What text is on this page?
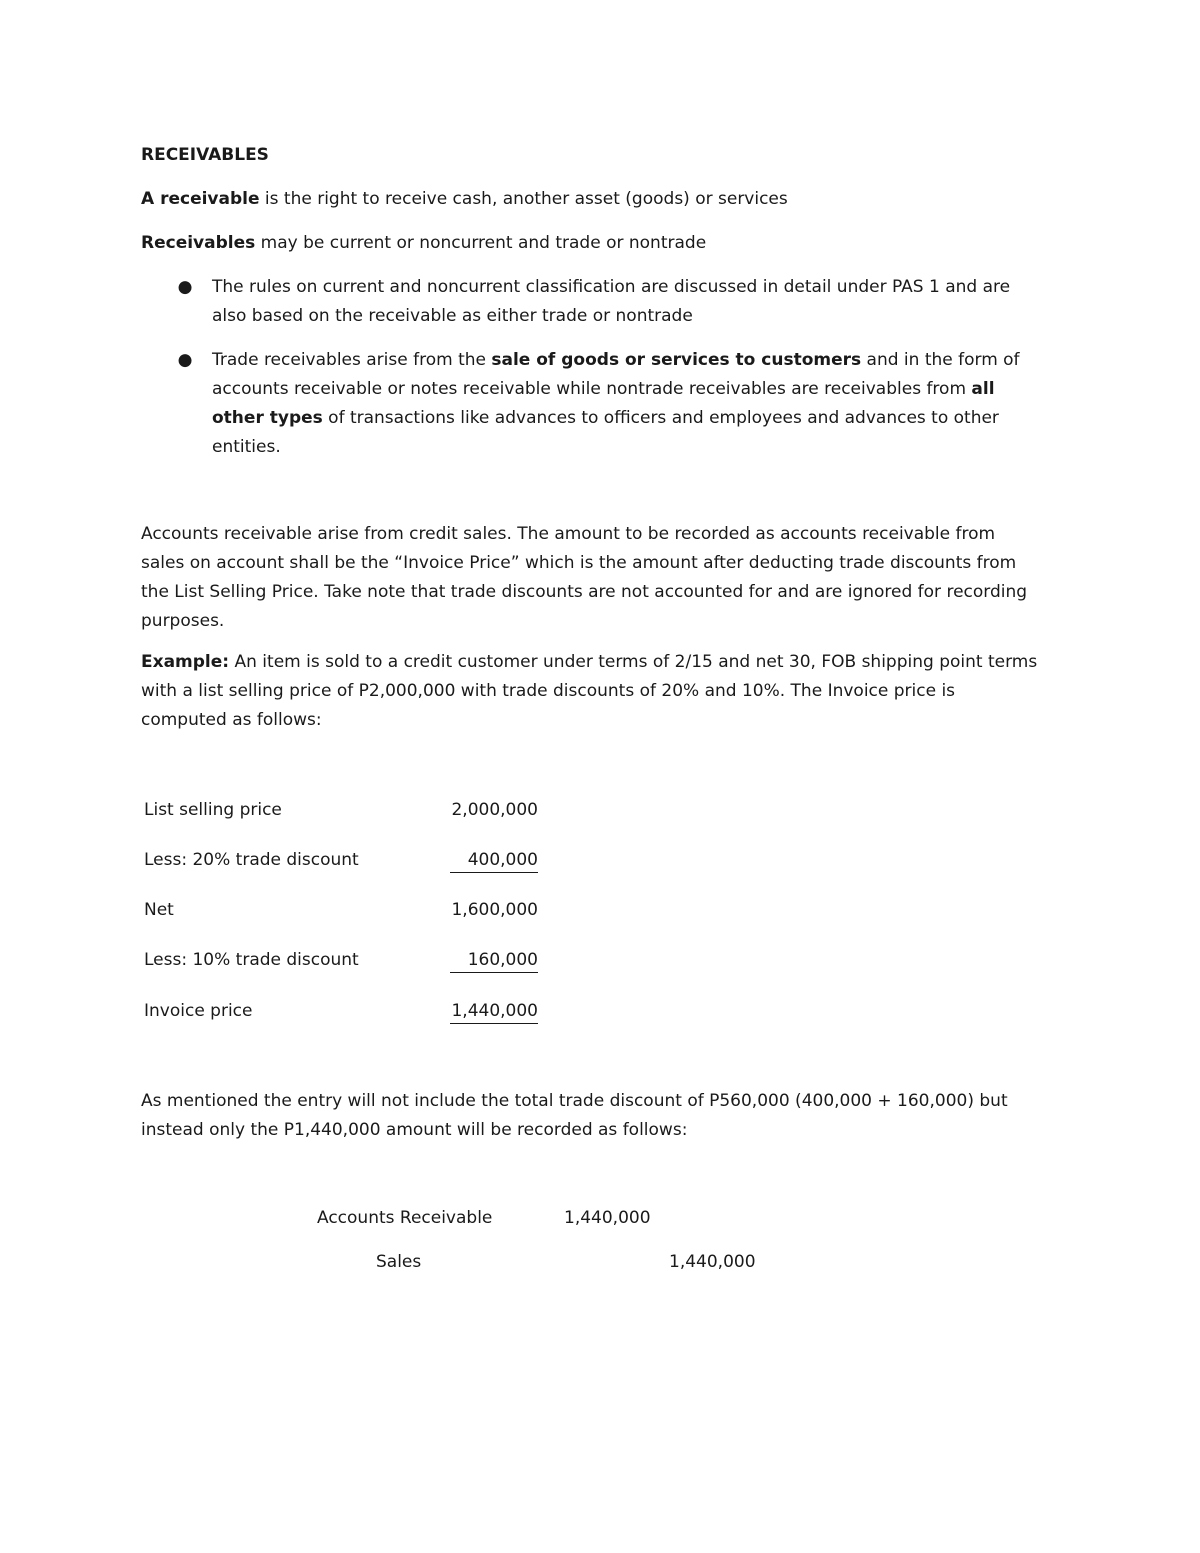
RECEIVABLES
A receivable is the right to receive cash, another asset (goods) or services
Receivables may be current or noncurrent and trade or nontrade
● The rules on current and noncurrent classification are discussed in detail under PAS 1 and are
also based on the receivable as either trade or nontrade
● Trade receivables arise from the sale of goods or services to customers and in the form of
accounts receivable or notes receivable while nontrade receivables are receivables from all
other types of transactions like advances to officers and employees and advances to other
entities.
Accounts receivable arise from credit sales. The amount to be recorded as accounts receivable from
sales on account shall be the “Invoice Price” which is the amount after deducting trade discounts from
the List Selling Price. Take note that trade discounts are not accounted for and are ignored for recording
purposes.
Example: An item is sold to a credit customer under terms of 2/15 and net 30, FOB shipping point terms
with a list selling price of P2,000,000 with trade discounts of 20% and 10%. The Invoice price is
computed as follows:
List selling price	2,000,000
Less: 20% trade discount	400,000
Net	1,600,000
Less: 10% trade discount	160,000
Invoice price	1,440,000
As mentioned the entry will not include the total trade discount of P560,000 (400,000 + 160,000) but
instead only the P1,440,000 amount will be recorded as follows:
Accounts Receivable	1,440,000
Sales	1,440,000
